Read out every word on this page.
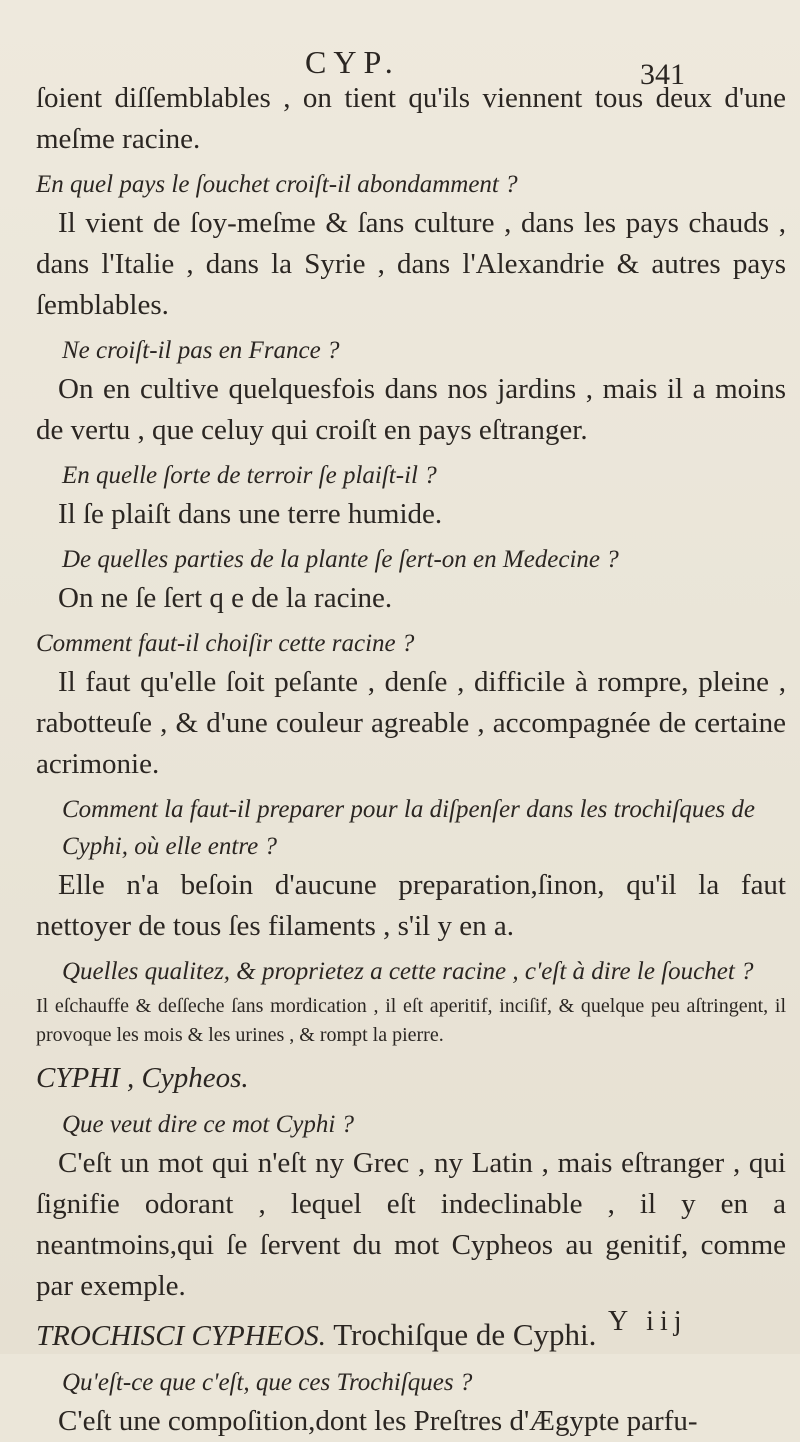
CYP.	341

ſoient diſſemblables , on tient qu'ils viennent tous deux d'une meſme racine.

En quel pays le ſouchet croiſt-il abondamment ?

Il vient de ſoy-meſme & ſans culture , dans les pays chauds , dans l'Italie , dans la Syrie , dans l'Alexandrie & autres pays ſemblables.

Ne croiſt-il pas en France ?

On en cultive quelquesfois dans nos jardins , mais il a moins de vertu , que celuy qui croiſt en pays eſtranger.

En quelle ſorte de terroir ſe plaiſt-il ?

Il ſe plaiſt dans une terre humide.

De quelles parties de la plante ſe ſert-on en Medecine ?

On ne ſe ſert q e de la racine.

Comment faut-il choiſir cette racine ?

Il faut qu'elle ſoit peſante , denſe , difficile à rompre, pleine , rabotteuſe , & d'une couleur agreable , accompagnée de certaine acrimonie.

Comment la faut-il preparer pour la diſpenſer dans les trochiſques de Cyphi, où elle entre ?

Elle n'a beſoin d'aucune preparation,ſinon, qu'il la faut nettoyer de tous ſes filaments , s'il y en a.

Quelles qualitez, & proprietez a cette racine , c'eſt à dire le ſouchet ?

Il eſchauffe & deſſeche ſans mordication , il eſt aperitif, inciſif, & quelque peu aſtringent, il provoque les mois & les urines , & rompt la pierre.

CYPHI , Cypheos.

Que veut dire ce mot Cyphi ?

C'eſt un mot qui n'eſt ny Grec , ny Latin , mais eſtranger , qui ſignifie odorant , lequel eſt indeclinable , il y en a neantmoins,qui ſe ſervent du mot Cypheos au genitif, comme par exemple.

TROCHISCI CYPHEOS. Trochiſque de Cyphi.

Qu'eſt-ce que c'eſt, que ces Trochiſques ?

C'eſt une compoſition,dont les Preſtres d'Ægypte parfu-

Y iij
